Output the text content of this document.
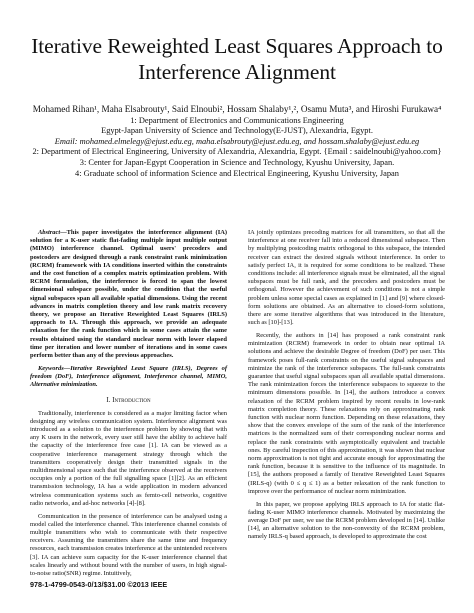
Iterative Reweighted Least Squares Approach to Interference Alignment
Mohamed Rihan¹, Maha Elsabrouty¹, Said Elnoubi², Hossam Shalaby¹,², Osamu Muta³, and Hiroshi Furukawa⁴
1: Department of Electronics and Communications Engineering
Egypt-Japan University of Science and Technology(E-JUST), Alexandria, Egypt.
Email: mohamed.elmelegy@ejust.edu.eg, maha.elsabrouty@ejust.edu.eg, and hossam.shalaby@ejust.edu.eg
2: Department of Electrical Engineering, University of Alexandria, Alexandria, Egypt. {Email : saidelnoubi@yahoo.com}
3: Center for Japan-Egypt Cooperation in Science and Technology, Kyushu University, Japan.
4: Graduate school of information Science and Electrical Engineering, Kyushu University, Japan

Abstract—This paper investigates the interference alignment (IA) solution for a K-user static flat-fading multiple input multiple output (MIMO) interference channel. Optimal users' precoders and postcoders are designed through a rank constraint rank minimization (RCRM) framework with IA conditions inserted within the constraints and the cost function of a complex matrix optimization problem. With RCRM formulation, the interference is forced to span the lowest dimensional subspace possible, under the condition that the useful signal subspaces span all available spatial dimensions. Using the recent advances in matrix completion theory and low rank matrix recovery theory, we propose an Iterative Reweighted Least Squares (IRLS) approach to IA. Through this approach, we provide an adequate relaxation for the rank function which in some cases attain the same results obtained using the standard nuclear norm with lower elapsed time per iteration and lower number of iterations and in some cases perform better than any of the previous approaches.

Keywords—Iterative Reweighted Least Square (IRLS), Degrees of freedom (DoF), Interference alignment, Interference channel, MIMO, Alternative minimization.

I. Introduction

Traditionally, interference is considered as a major limiting factor when designing any wireless communication system. Interference alignment was introduced as a solution to the interference problem by showing that with any K users in the network, every user still have the ability to achieve half the capacity of the interference free case [1]. IA can be viewed as a cooperative interference management strategy through which the transmitters cooperatively design their transmitted signals in the multidimensional space such that the interference observed at the receivers occupies only a portion of the full signalling space [1][2]. As an efficient transmission technology, IA has a wide application in modern advanced wireless communication systems such as femto-cell networks, cognitive radio networks, and ad-hoc networks [4]-[8].

Communication in the presence of interference can be analysed using a model called the interference channel. This interference channel consists of multiple transmitters who wish to communicate with their respective receivers. Assuming the transmitters share the same time and frequency resources, each transmission creates interference at the unintended receivers [3]. IA can achieve sum capacity for the K-user interference channel that scales linearly and without bound with the number of users, in high signal-to-noise ratio(SNR) regime. Intuitively,

IA jointly optimizes precoding matrices for all transmitters, so that all the interference at one receiver fall into a reduced dimensional subspace. Then by multiplying postcoding matrix orthogonal to this subspace, the intended receiver can extract the desired signals without interference. In order to satisfy perfect IA, it is required for some conditions to be realized. These conditions include: all interference signals must be eliminated, all the signal subspaces must be full rank, and the precoders and postcoders must be orthogonal. However the achievement of such conditions is not a simple problem unless some special cases as explained in [1] and [9] where closed-form solutions are obtained. As an alternative to closed-form solutions, there are some iterative algorithms that was introduced in the literature, such as [10]-[13].

Recently, the authors in [14] has proposed a rank constraint rank minimization (RCRM) framework in order to obtain near optimal IA solutions and achieve the desirable Degree of freedom (DoF) per user. This framework poses full-rank constraints on the useful signal subspaces and minimize the rank of the interference subspaces. The full-rank constraints guarantee that useful signal subspaces span all available spatial dimensions. The rank minimization forces the interference subspaces to squeeze to the minimum dimensions possible. In [14], the authors introduce a convex relaxation of the RCRM problem inspired by recent results in low-rank matrix completion theory. These relaxations rely on approximating rank function with nuclear norm function. Depending on these relaxations, they show that the convex envelope of the sum of the rank of the interference matrices is the normalized sum of their corresponding nuclear norms and replace the rank constraints with asymptotically equivalent and tractable ones. By careful inspection of this approximation, it was shown that nuclear norm approximation is not tight and accurate enough for approximating the rank function, because it is sensitive to the influence of its magnitude. In [15], the authors proposed a family of Iterative Reweighted Least Squares (IRLS-q) (with 0 ≤ q ≤ 1) as a better relaxation of the rank function to improve over the performance of nuclear norm minimization.

In this paper, we propose applying IRLS approach to IA for static flat-fading K-user MIMO interference channels. Motivated by maximizing the average DoF per user, we use the RCRM problem developed in [14]. Unlike [14], an alternative solution to the non-convexity of the RCRM problem, namely IRLS-q based approach, is developed to approximate the cost

978-1-4799-0543-0/13/$31.00 ©2013 IEEE
